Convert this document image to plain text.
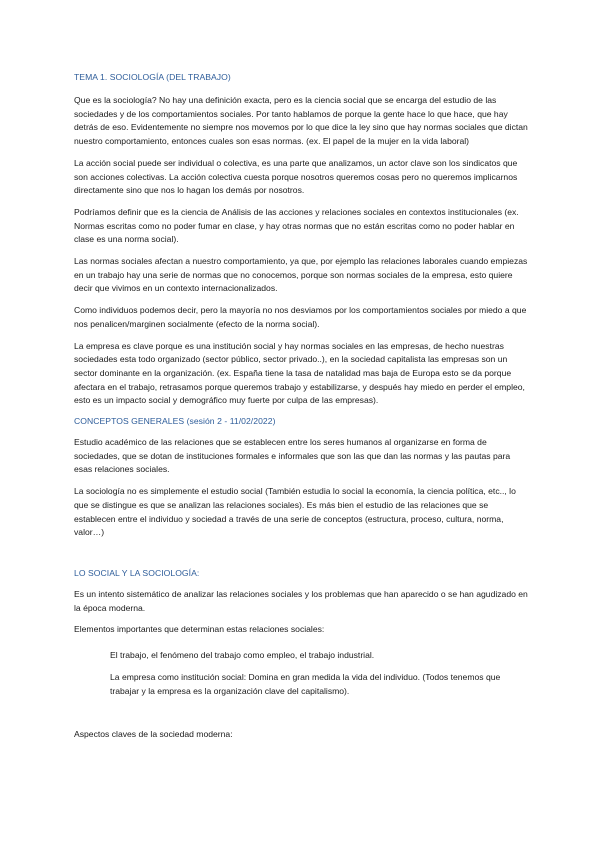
TEMA 1. SOCIOLOGÍA (DEL TRABAJO)

Que es la sociología? No hay una definición exacta, pero es la ciencia social que se encarga del estudio de las sociedades y de los comportamientos sociales. Por tanto hablamos de porque la gente hace lo que hace, que hay detrás de eso. Evidentemente no siempre nos movemos por lo que dice la ley sino que hay normas sociales que dictan nuestro comportamiento, entonces cuales son esas normas. (ex. El papel de la mujer en la vida laboral)

La acción social puede ser individual o colectiva, es una parte que analizamos, un actor clave son los sindicatos que son acciones colectivas. La acción colectiva cuesta porque nosotros queremos cosas pero no queremos implicarnos directamente sino que nos lo hagan los demás por nosotros.

Podríamos definir que es la ciencia de Análisis de las acciones y relaciones sociales en contextos institucionales (ex. Normas escritas como no poder fumar en clase, y hay otras normas que no están escritas como no poder hablar en clase es una norma social).

Las normas sociales afectan a nuestro comportamiento, ya que, por ejemplo las relaciones laborales cuando empiezas en un trabajo hay una serie de normas que no conocemos, porque son normas sociales de la empresa, esto quiere decir que vivimos en un contexto internacionalizados.

Como individuos podemos decir, pero la mayoría no nos desviamos por los comportamientos sociales por miedo a que nos penalicen/marginen socialmente (efecto de la norma social).

La empresa es clave porque es una institución social y hay normas sociales en las empresas, de hecho nuestras sociedades esta todo organizado (sector público, sector privado..), en la sociedad capitalista las empresas son un sector dominante en la organización. (ex. España tiene la tasa de natalidad mas baja de Europa esto se da porque afectara en el trabajo, retrasamos porque queremos trabajo y estabilizarse, y después hay miedo en perder el empleo, esto es un impacto social y demográfico muy fuerte por culpa de las empresas).

CONCEPTOS GENERALES (sesión 2 - 11/02/2022)

Estudio académico de las relaciones que se establecen entre los seres humanos al organizarse en forma de sociedades, que se dotan de instituciones formales e informales que son las que dan las normas y las pautas para esas relaciones sociales.

La sociología no es simplemente el estudio social (También estudia lo social la economía, la ciencia política, etc.., lo que se distingue es que se analizan las relaciones sociales). Es más bien el estudio de las relaciones que se establecen entre el individuo y sociedad a través de una serie de conceptos (estructura, proceso, cultura, norma, valor…)

LO SOCIAL Y LA SOCIOLOGÍA:

Es un intento sistemático de analizar las relaciones sociales y los problemas que han aparecido o se han agudizado en la época moderna.

Elementos importantes que determinan estas relaciones sociales:

El trabajo, el fenómeno del trabajo como empleo, el trabajo industrial.

La empresa como institución social: Domina en gran medida la vida del individuo. (Todos tenemos que trabajar y la empresa es la organización clave del capitalismo).

Aspectos claves de la sociedad moderna:
